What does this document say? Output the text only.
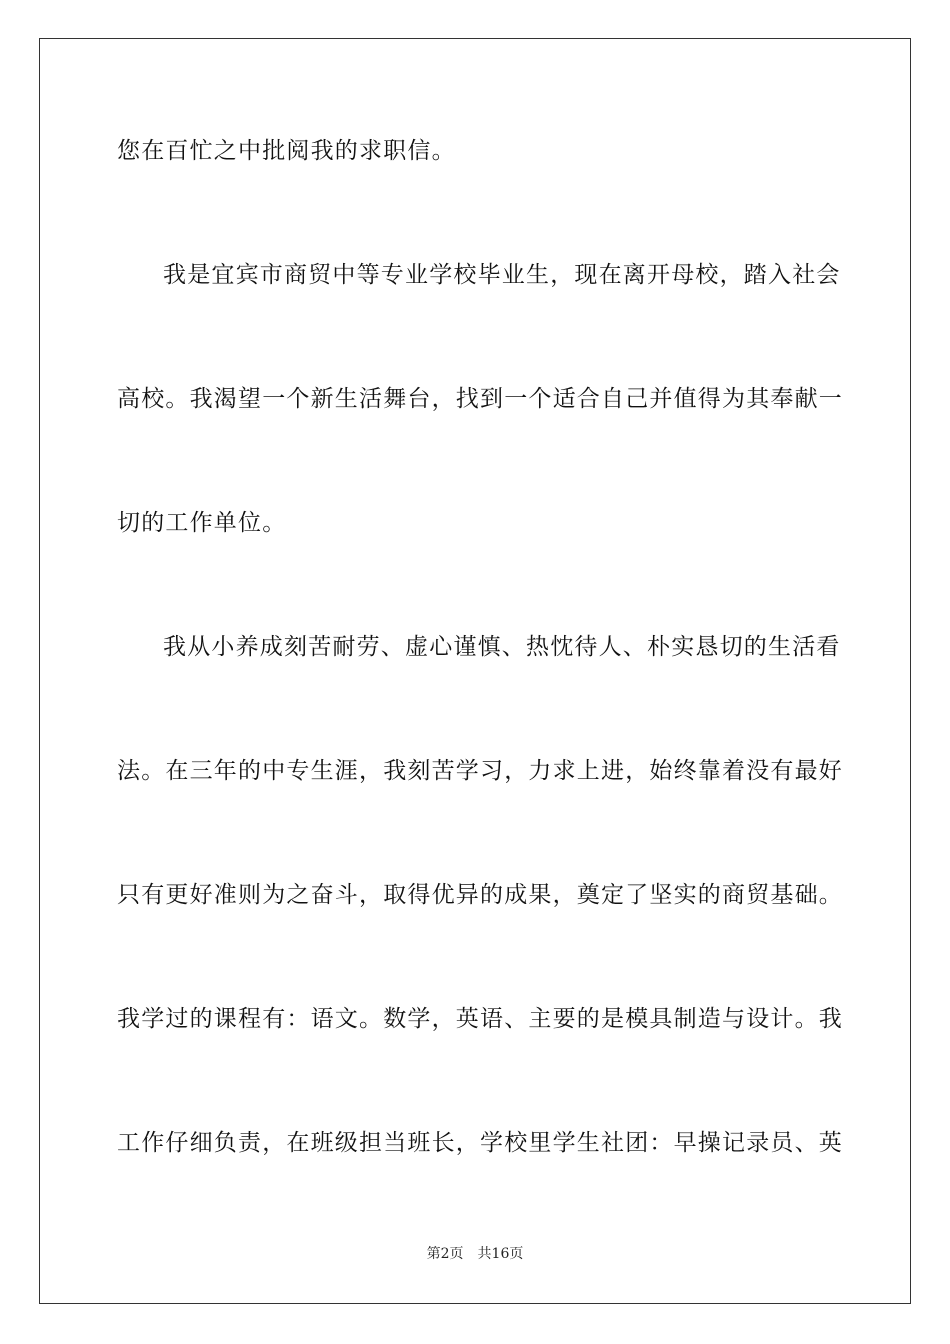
您在百忙之中批阅我的求职信。
我是宜宾市商贸中等专业学校毕业生，现在离开母校，踏入社会
高校。我渴望一个新生活舞台，找到一个适合自己并值得为其奉献一
切的工作单位。
我从小养成刻苦耐劳、虚心谨慎、热忱待人、朴实恳切的生活看
法。在三年的中专生涯，我刻苦学习，力求上进，始终靠着没有最好
只有更好准则为之奋斗，取得优异的成果，奠定了坚实的商贸基础。
我学过的课程有：语文。数学，英语、主要的是模具制造与设计。我
工作仔细负责，在班级担当班长，学校里学生社团：早操记录员、英
第2页 共16页
